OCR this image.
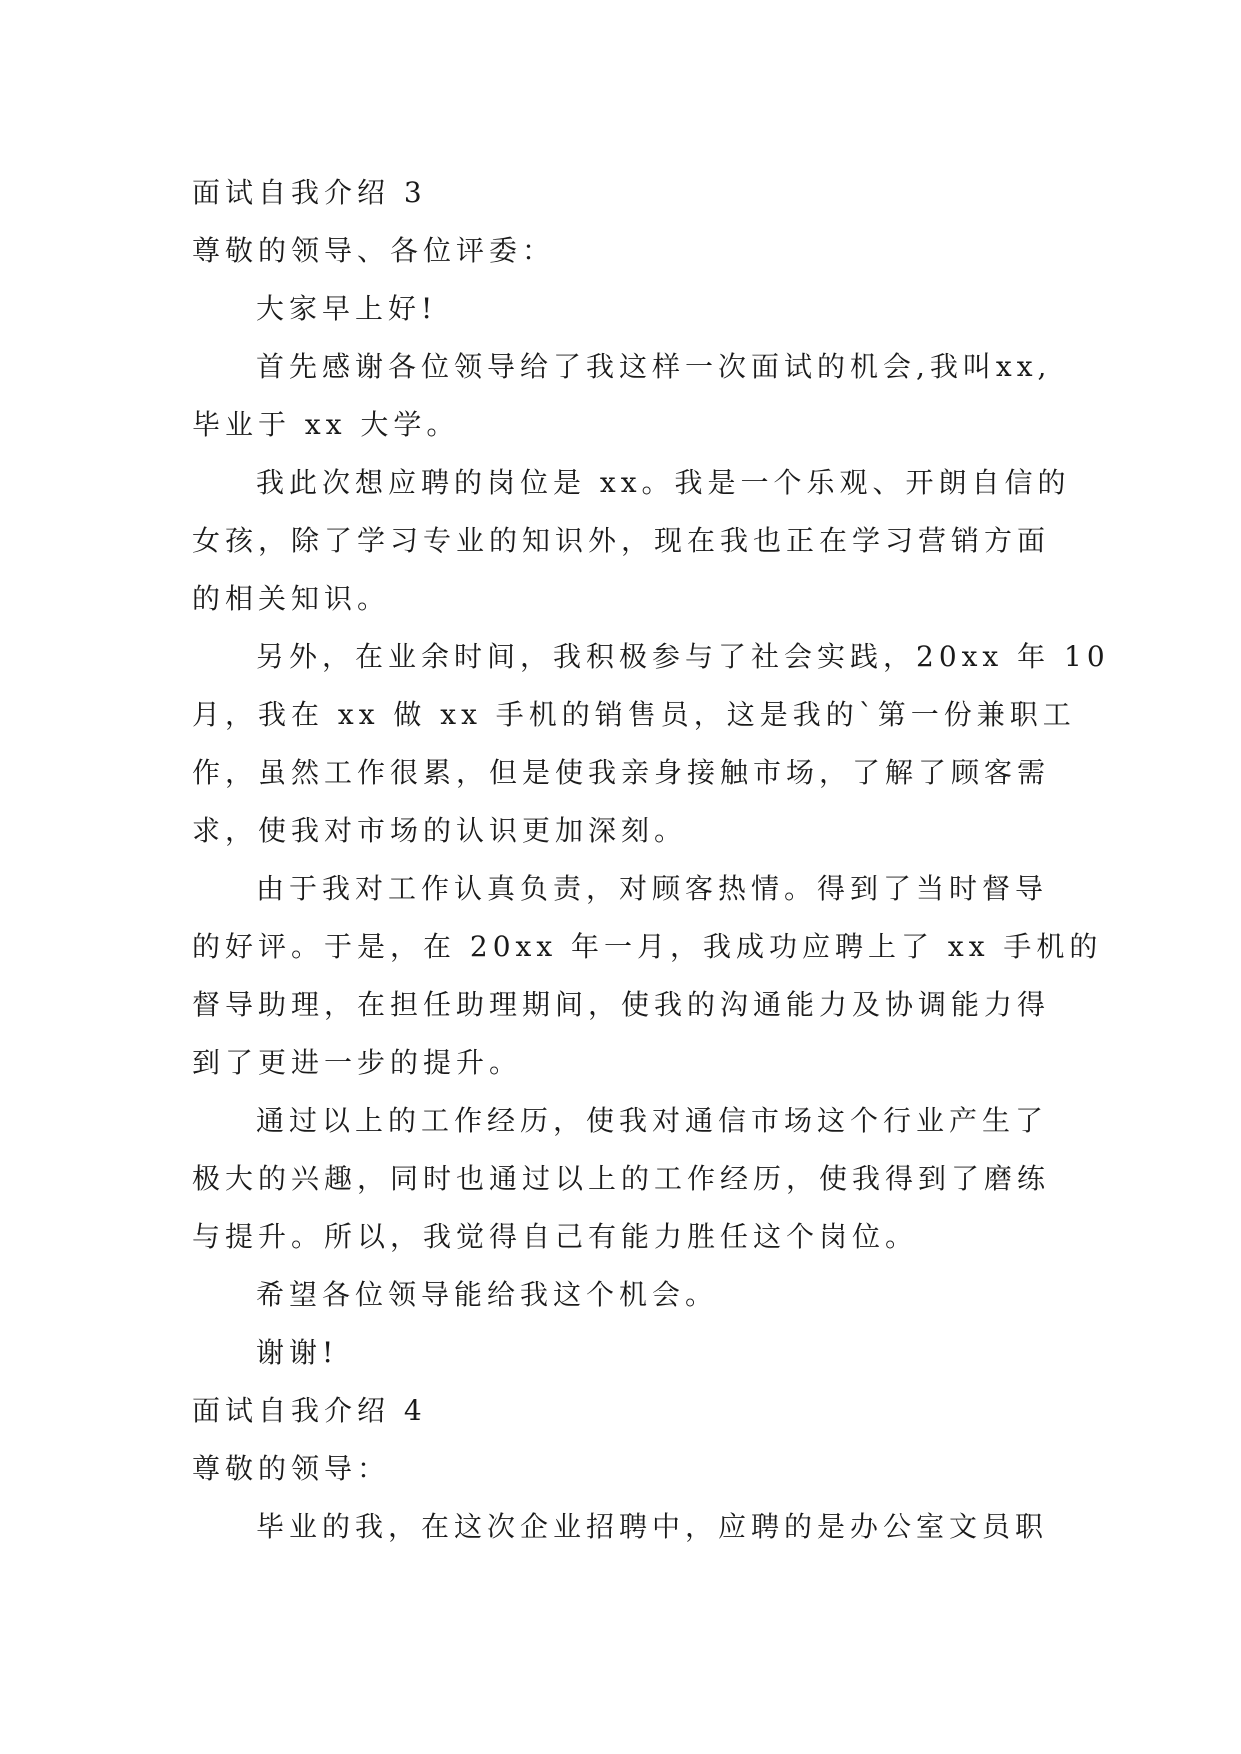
面试自我介绍 3
尊敬的领导、各位评委：
大家早上好!
首先感谢各位领导给了我这样一次面试的机会,我叫xx,
毕业于 xx 大学。
我此次想应聘的岗位是 xx。我是一个乐观、开朗自信的
女孩，除了学习专业的知识外，现在我也正在学习营销方面
的相关知识。
另外，在业余时间，我积极参与了社会实践，20xx 年 10
月，我在 xx 做 xx 手机的销售员，这是我的`第一份兼职工
作，虽然工作很累，但是使我亲身接触市场，了解了顾客需
求，使我对市场的认识更加深刻。
由于我对工作认真负责，对顾客热情。得到了当时督导
的好评。于是，在 20xx 年一月，我成功应聘上了 xx 手机的
督导助理，在担任助理期间，使我的沟通能力及协调能力得
到了更进一步的提升。
通过以上的工作经历，使我对通信市场这个行业产生了
极大的兴趣，同时也通过以上的工作经历，使我得到了磨练
与提升。所以，我觉得自己有能力胜任这个岗位。
希望各位领导能给我这个机会。
谢谢!
面试自我介绍 4
尊敬的领导：
毕业的我，在这次企业招聘中，应聘的是办公室文员职
